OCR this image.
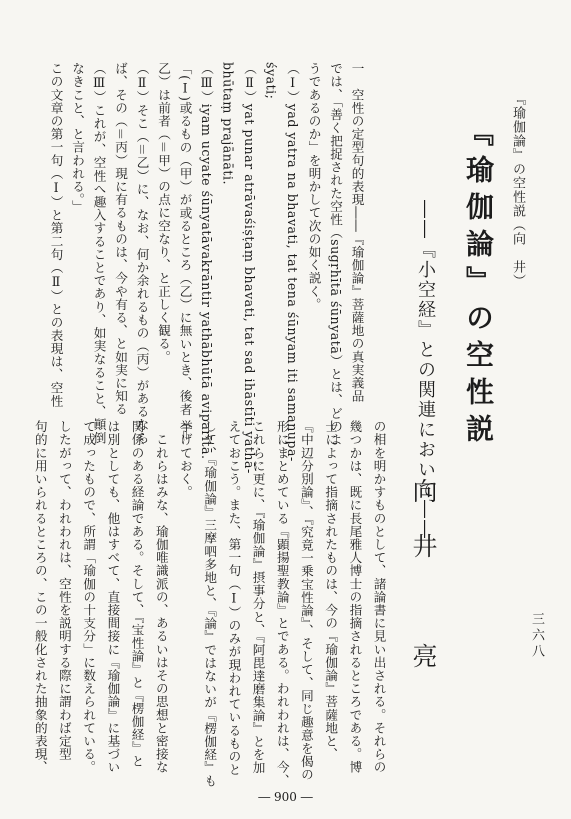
『瑜伽論』の空性説（向　井）
三六八
『瑜伽論』の空性説
――『小空経』との関連において――
向井　亮
の相を明かすものとして、諸論書に見い出される。それらの
幾つかは、既に長尾雅人博士の指摘されるところである。博
士によって指摘されたものは、今の『瑜伽論』菩薩地と、
『中辺分別論』、『究竟一乗宝性論』、そして、同じ趣意を偈の
形にまとめている『顕揚聖教論』とである。われわれは、今、
これらに更に、『瑜伽論』摂事分と、『阿毘達磨集論』とを加
えておこう。また、第一句（Ⅰ）のみが現われているものと
して、『瑜伽論』三摩呬多地と、『論』ではないが『楞伽経』も
挙げておく。
　これらはみな、瑜伽唯識派の、あるいはその思想と密接な
関係のある経論である。そして、『宝性論』と『楞伽経』と
は別としても、他はすべて、直接間接に『瑜伽論』に基づい
て成ったもので、所謂「瑜伽の十支分」に数えられている。
したがって、われわれは、空性を説明する際に謂わば定型
句的に用いられるところの、この一般化された抽象的表現、
一　空性の定型句的表現――『瑜伽論』菩薩地の真実義品
では、「善く把捉された空性（sugṛhītā śūnyatā）とは、どのよ
うであるのか」を明かして次の如く説く。
（Ⅰ）yad yatra na bhavati, tat tena śūnyam iti samanupa-
śyati;
（Ⅱ）yat punar atrāvaśiṣṭaṃ bhavati, tat sad ihāstīti yathā-
bhūtaṃ prajānāti.
（Ⅲ）iyam ucyate śūnyatāvakrāntir yathābhūtā aviparītā.
「(Ⅰ)或るもの（甲）が或るところ（乙）に無いとき、後者（＝
乙）は前者（＝甲）の点に空なり、と正しく観る。
（Ⅱ）そこ（＝乙）に、なお、何か余れるもの（丙）があるなら
ば、その（＝丙）現に有るものは、今や有る、と如実に知る
（Ⅲ）これが、空性へ趣入することであり、如実なること、顚倒
なきこと、と言われる。」
この文章の第一句（Ⅰ）と第二句（Ⅱ）との表現は、空性
― 900 ―
